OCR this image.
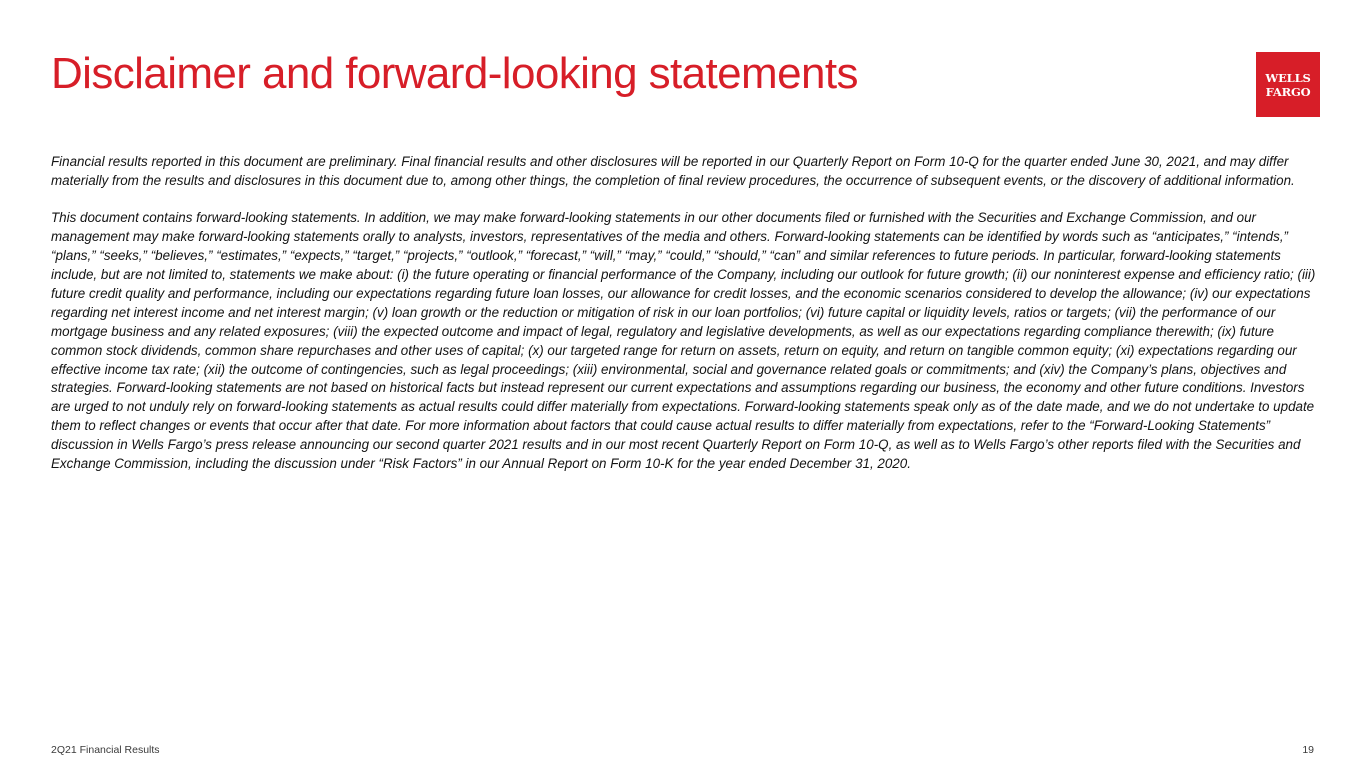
Disclaimer and forward-looking statements	WELLS
FARGO

Financial results reported in this document are preliminary. Final financial results and other disclosures will be reported in our Quarterly Report on Form 10-Q for the quarter ended June 30, 2021, and may differ materially from the results and disclosures in this document due to, among other things, the completion of final review procedures, the occurrence of subsequent events, or the discovery of additional information.

This document contains forward-looking statements. In addition, we may make forward-looking statements in our other documents filed or furnished with the Securities and Exchange Commission, and our management may make forward-looking statements orally to analysts, investors, representatives of the media and others. Forward-looking statements can be identified by words such as “anticipates,” “intends,” “plans,” “seeks,” “believes,” “estimates,” “expects,” “target,” “projects,” “outlook,” “forecast,” “will,” “may,” “could,” “should,” “can” and similar references to future periods. In particular, forward-looking statements include, but are not limited to, statements we make about: (i) the future operating or financial performance of the Company, including our outlook for future growth; (ii) our noninterest expense and efficiency ratio; (iii) future credit quality and performance, including our expectations regarding future loan losses, our allowance for credit losses, and the economic scenarios considered to develop the allowance; (iv) our expectations regarding net interest income and net interest margin; (v) loan growth or the reduction or mitigation of risk in our loan portfolios; (vi) future capital or liquidity levels, ratios or targets; (vii) the performance of our mortgage business and any related exposures; (viii) the expected outcome and impact of legal, regulatory and legislative developments, as well as our expectations regarding compliance therewith; (ix) future common stock dividends, common share repurchases and other uses of capital; (x) our targeted range for return on assets, return on equity, and return on tangible common equity; (xi) expectations regarding our effective income tax rate; (xii) the outcome of contingencies, such as legal proceedings; (xiii) environmental, social and governance related goals or commitments; and (xiv) the Company’s plans, objectives and strategies. Forward-looking statements are not based on historical facts but instead represent our current expectations and assumptions regarding our business, the economy and other future conditions. Investors are urged to not unduly rely on forward-looking statements as actual results could differ materially from expectations. Forward-looking statements speak only as of the date made, and we do not undertake to update them to reflect changes or events that occur after that date. For more information about factors that could cause actual results to differ materially from expectations, refer to the “Forward-Looking Statements” discussion in Wells Fargo’s press release announcing our second quarter 2021 results and in our most recent Quarterly Report on Form 10-Q, as well as to Wells Fargo’s other reports filed with the Securities and Exchange Commission, including the discussion under “Risk Factors” in our Annual Report on Form 10-K for the year ended December 31, 2020.

2Q21 Financial Results	19
